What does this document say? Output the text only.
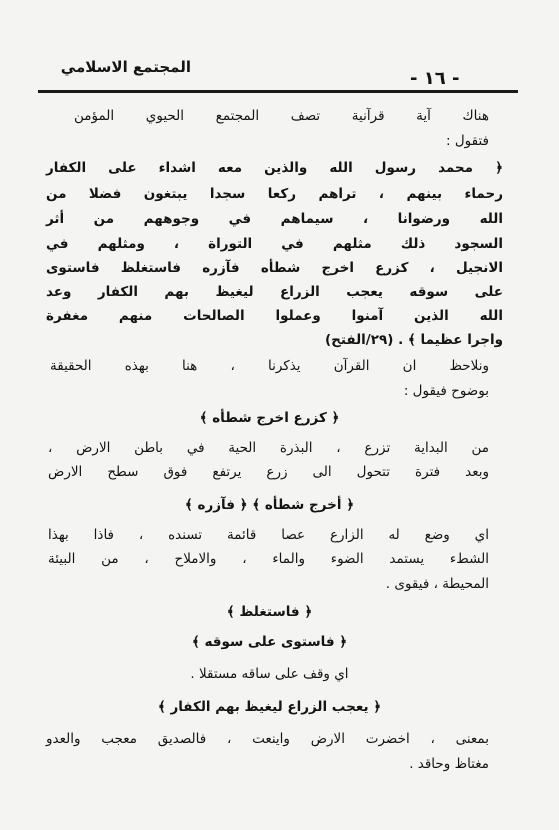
المجتمع الاسلامي
- ١٦ -
هناك آية قرآنية تصف المجتمع الحيوي المؤمن
فتقول :
﴿ محمد رسول الله والذين معه اشداء على الكفار
رحماء بينهم ، تراهم ركعا سجدا يبتغون فضلا من
الله ورضوانا ، سيماهم في وجوههم من أثر
السجود ذلك مثلهم في التوراة ، ومثلهم في
الانجيل ، كزرع اخرج شطأه فآزره فاستغلظ فاستوى
على سوقه يعجب الزراع ليغيظ بهم الكفار وعد
الله الذين آمنوا وعملوا الصالحات منهم مغفرة
واجرا عظيما ﴾ . (٢٩/الفتح)
ونلاحظ ان القرآن يذكرنا ، هنا بهذه الحقيقة
بوضوح فيقول :
﴿ كزرع اخرج شطأه ﴾
من البداية تزرع ، البذرة الحية في باطن الارض ،
وبعد فترة تتحول الى زرع يرتفع فوق سطح الارض
﴿ أخرج شطأه ﴾ ﴿ فآزره ﴾
اي وضع له الزارع عصا قائمة تسنده ، فاذا بهذا
الشطء يستمد الضوء والماء ، والاملاح ، من البيئة
المحيطة ، فيقوى .
﴿ فاستغلظ ﴾
﴿ فاستوى على سوقه ﴾
اي وقف على ساقه مستقلا .
﴿ يعجب الزراع ليغيظ بهم الكفار ﴾
بمعنى ، اخضرت الارض واينعت ، فالصديق معجب والعدو
مغتاظ وحاقد .
